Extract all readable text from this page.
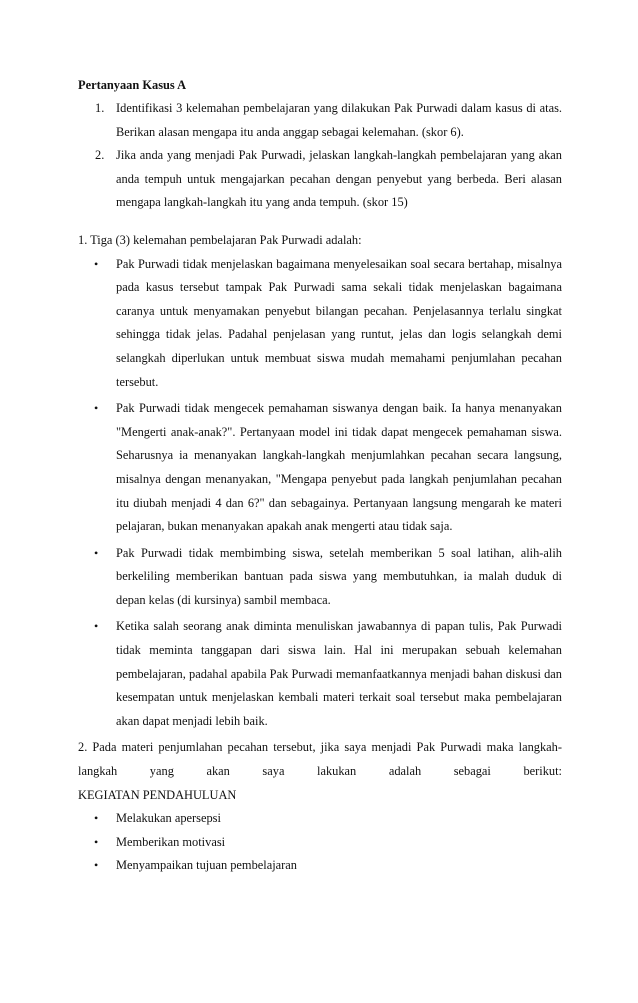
Pertanyaan Kasus A
1. Identifikasi 3 kelemahan pembelajaran yang dilakukan Pak Purwadi dalam kasus di atas. Berikan alasan mengapa itu anda anggap sebagai kelemahan. (skor 6).
2. Jika anda yang menjadi Pak Purwadi, jelaskan langkah-langkah pembelajaran yang akan anda tempuh untuk mengajarkan pecahan dengan penyebut yang berbeda. Beri alasan mengapa langkah-langkah itu yang anda tempuh. (skor 15)

1. Tiga (3) kelemahan pembelajaran Pak Purwadi adalah:

• Pak Purwadi tidak menjelaskan bagaimana menyelesaikan soal secara bertahap, misalnya pada kasus tersebut tampak Pak Purwadi sama sekali tidak menjelaskan bagaimana caranya untuk menyamakan penyebut bilangan pecahan. Penjelasannya terlalu singkat sehingga tidak jelas. Padahal penjelasan yang runtut, jelas dan logis selangkah demi selangkah diperlukan untuk membuat siswa mudah memahami penjumlahan pecahan tersebut.
• Pak Purwadi tidak mengecek pemahaman siswanya dengan baik. Ia hanya menanyakan "Mengerti anak-anak?". Pertanyaan model ini tidak dapat mengecek pemahaman siswa. Seharusnya ia menanyakan langkah-langkah menjumlahkan pecahan secara langsung, misalnya dengan menanyakan, "Mengapa penyebut pada langkah penjumlahan pecahan itu diubah menjadi 4 dan 6?" dan sebagainya. Pertanyaan langsung mengarah ke materi pelajaran, bukan menanyakan apakah anak mengerti atau tidak saja.
• Pak Purwadi tidak membimbing siswa, setelah memberikan 5 soal latihan, alih-alih berkeliling memberikan bantuan pada siswa yang membutuhkan, ia malah duduk di depan kelas (di kursinya) sambil membaca.
• Ketika salah seorang anak diminta menuliskan jawabannya di papan tulis, Pak Purwadi tidak meminta tanggapan dari siswa lain. Hal ini merupakan sebuah kelemahan pembelajaran, padahal apabila Pak Purwadi memanfaatkannya menjadi bahan diskusi dan kesempatan untuk menjelaskan kembali materi terkait soal tersebut maka pembelajaran akan dapat menjadi lebih baik.

2. Pada materi penjumlahan pecahan tersebut, jika saya menjadi Pak Purwadi maka langkah-langkah yang akan saya lakukan adalah sebagai berikut:

KEGIATAN PENDAHULUAN

• Melakukan apersepsi
• Memberikan motivasi
• Menyampaikan tujuan pembelajaran
